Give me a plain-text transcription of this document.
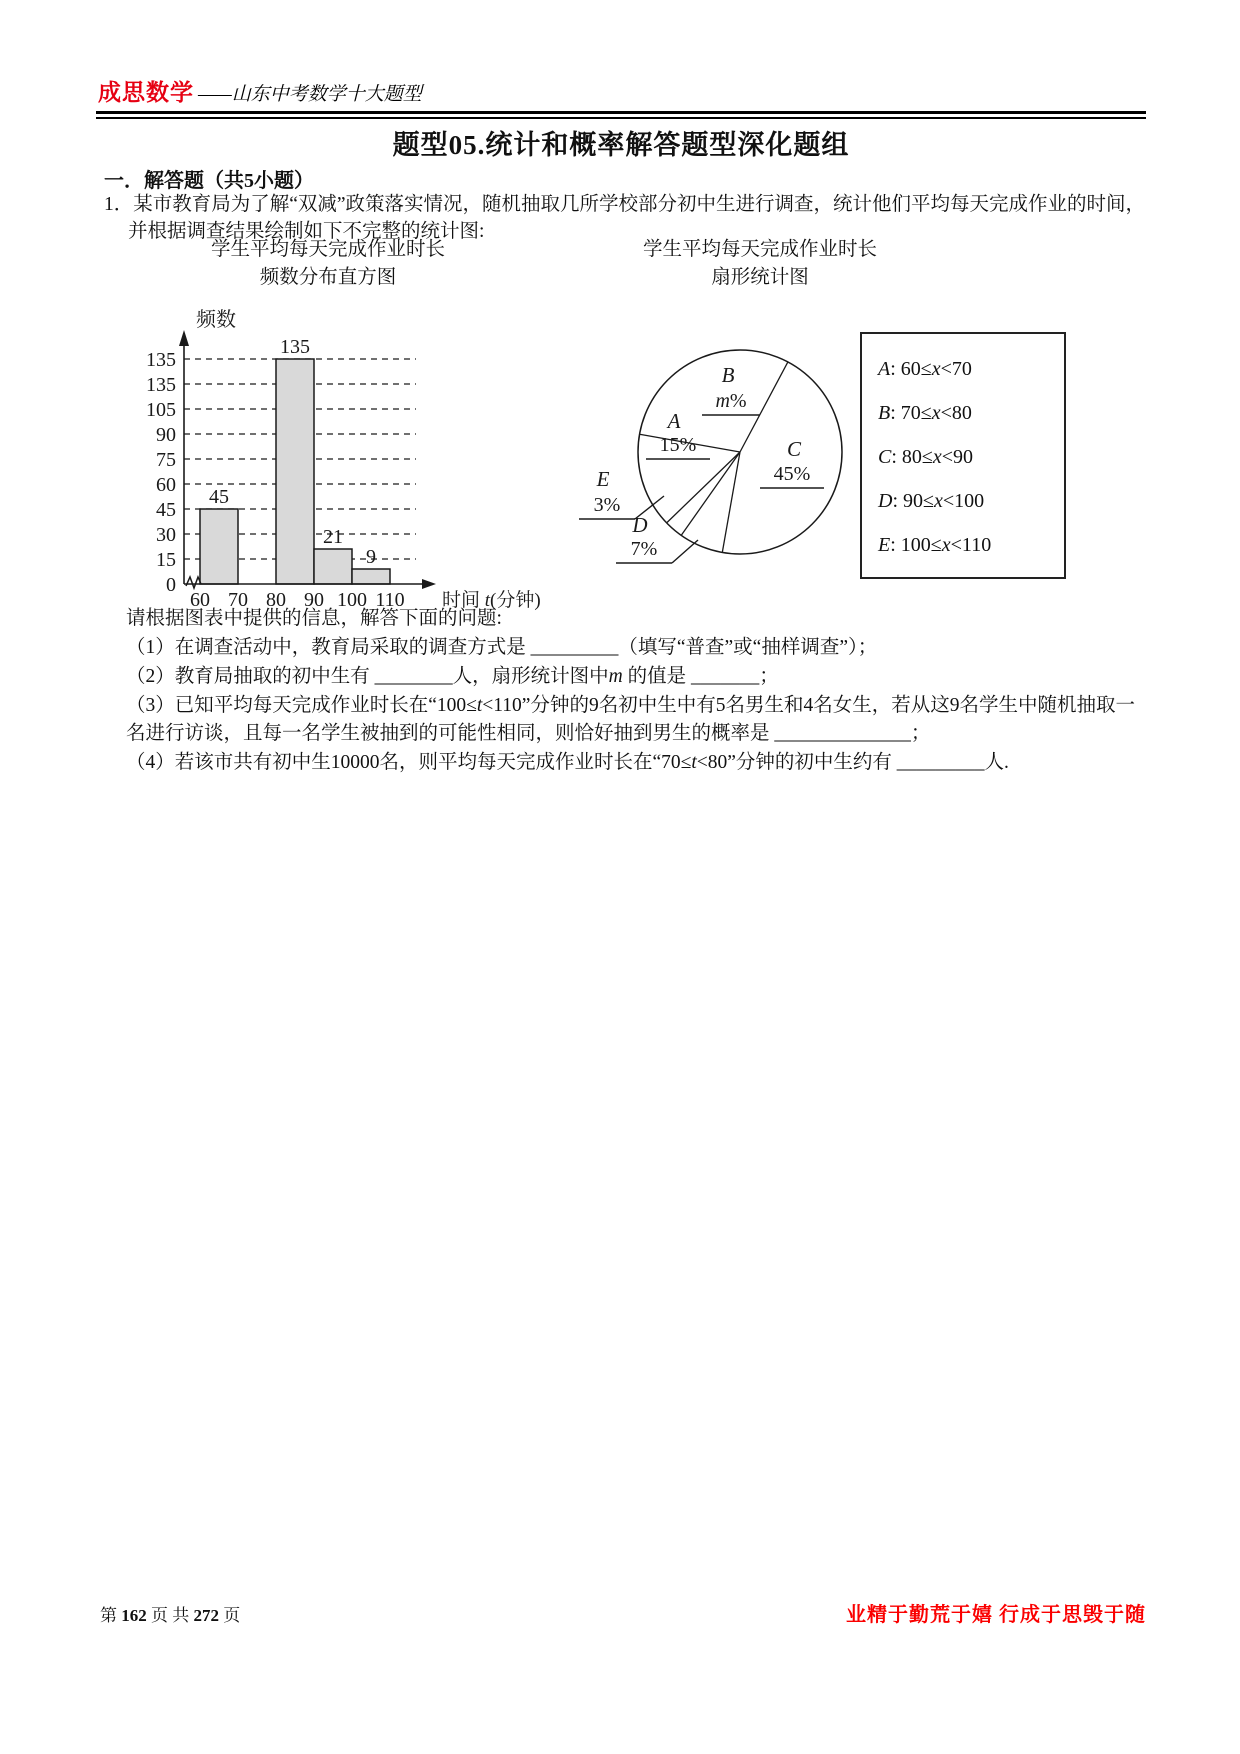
成思数学 ——山东中考数学十大题型
题型05.统计和概率解答题型深化题组
一．解答题（共5小题）
1．某市教育局为了解“双减”政策落实情况，随机抽取几所学校部分初中生进行调查，统计他们平均每天完成作业的时间，
并根据调查结果绘制如下不完整的统计图:
学生平均每天完成作业时长
频数分布直方图
135
135
105
90
75
60
45
30
15
0
45
135
21
9
60 70 80 90 100 110
频数
时间 t(分钟)
学生平均每天完成作业时长
扇形统计图
B
m%
A
15%
E
3%
D
7%
C
45%
A: 60≤x<70
B: 70≤x<80
C: 80≤x<90
D: 90≤x<100
E: 100≤x<110
请根据图表中提供的信息，解答下面的问题:
（1）在调查活动中，教育局采取的调查方式是 _________（填写“普查”或“抽样调查”）；
（2）教育局抽取的初中生有 ________人，扇形统计图中m 的值是 _______；
（3）已知平均每天完成作业时长在“100≤t<110”分钟的9名初中生中有5名男生和4名女生，若从这9名学生中随机抽取一名进行访谈，且每一名学生被抽到的可能性相同，则恰好抽到男生的概率是 ______________；
（4）若该市共有初中生10000名，则平均每天完成作业时长在“70≤t<80”分钟的初中生约有 _________人.
第 162 页 共 272 页	业精于勤荒于嬉 行成于思毁于随
